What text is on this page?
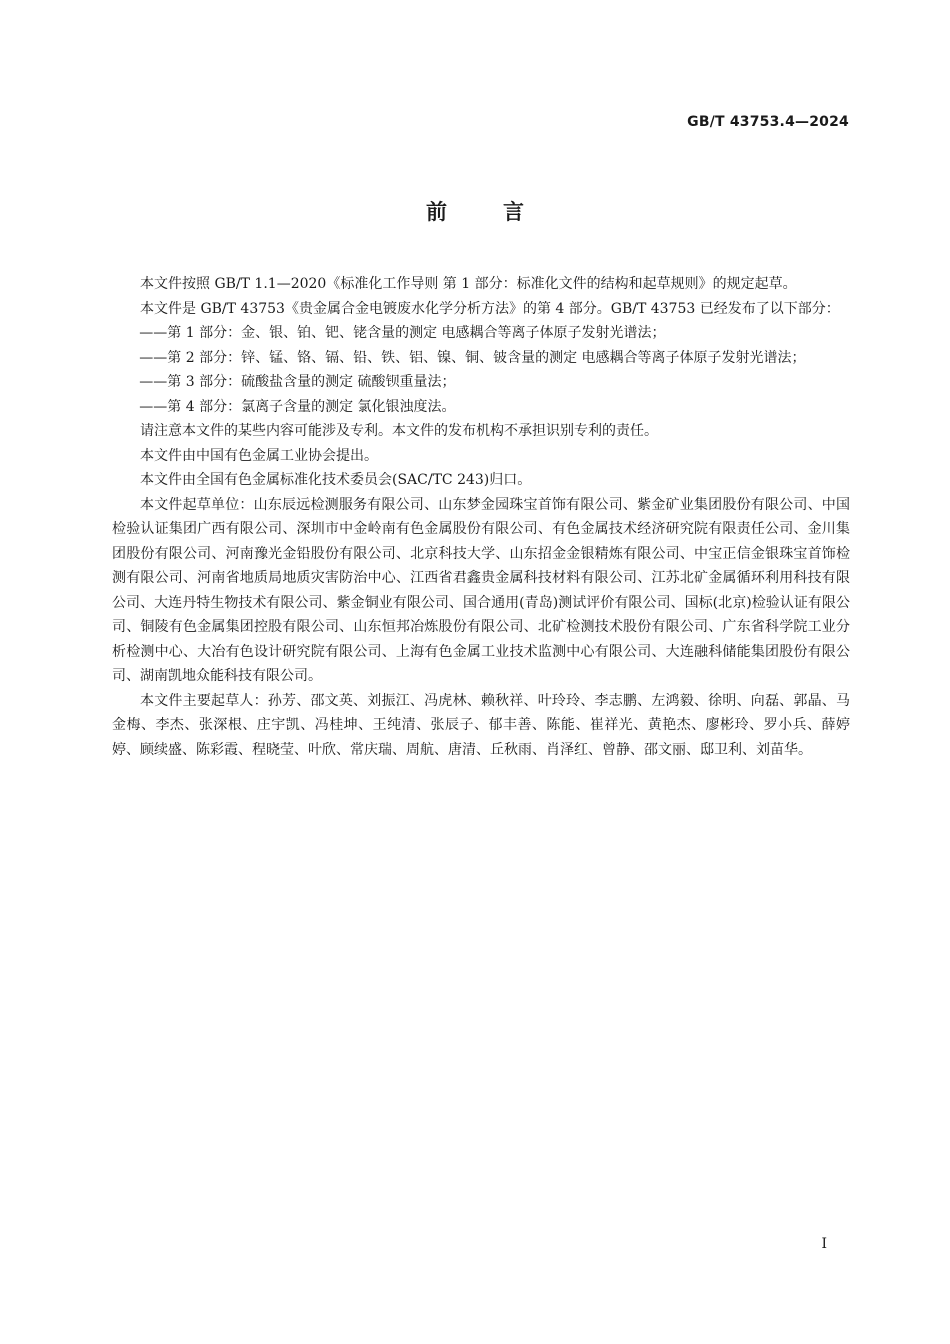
GB/T 43753.4—2024
前言

本文件按照 GB/T 1.1—2020《标准化工作导则 第 1 部分：标准化文件的结构和起草规则》的规定起草。

本文件是 GB/T 43753《贵金属合金电镀废水化学分析方法》的第 4 部分。GB/T 43753 已经发布了以下部分：

——第 1 部分：金、银、铂、钯、铑含量的测定 电感耦合等离子体原子发射光谱法；
——第 2 部分：锌、锰、铬、镉、铅、铁、铝、镍、铜、铍含量的测定 电感耦合等离子体原子发射光谱法；
——第 3 部分：硫酸盐含量的测定 硫酸钡重量法；
——第 4 部分：氯离子含量的测定 氯化银浊度法。

请注意本文件的某些内容可能涉及专利。本文件的发布机构不承担识别专利的责任。

本文件由中国有色金属工业协会提出。

本文件由全国有色金属标准化技术委员会(SAC/TC 243)归口。

本文件起草单位：山东辰远检测服务有限公司、山东梦金园珠宝首饰有限公司、紫金矿业集团股份有限公司、中国检验认证集团广西有限公司、深圳市中金岭南有色金属股份有限公司、有色金属技术经济研究院有限责任公司、金川集团股份有限公司、河南豫光金铅股份有限公司、北京科技大学、山东招金金银精炼有限公司、中宝正信金银珠宝首饰检测有限公司、河南省地质局地质灾害防治中心、江西省君鑫贵金属科技材料有限公司、江苏北矿金属循环利用科技有限公司、大连丹特生物技术有限公司、紫金铜业有限公司、国合通用(青岛)测试评价有限公司、国标(北京)检验认证有限公司、铜陵有色金属集团控股有限公司、山东恒邦冶炼股份有限公司、北矿检测技术股份有限公司、广东省科学院工业分析检测中心、大冶有色设计研究院有限公司、上海有色金属工业技术监测中心有限公司、大连融科储能集团股份有限公司、湖南凯地众能科技有限公司。

本文件主要起草人：孙芳、邵文英、刘振江、冯虎林、赖秋祥、叶玲玲、李志鹏、左鸿毅、徐明、向磊、郭晶、马金梅、李杰、张深根、庄宇凯、冯桂坤、王纯清、张辰子、郁丰善、陈能、崔祥光、黄艳杰、廖彬玲、罗小兵、薛婷婷、顾续盛、陈彩霞、程晓莹、叶欣、常庆瑞、周航、唐清、丘秋雨、肖泽红、曾静、邵文丽、邸卫利、刘苗华。

I
